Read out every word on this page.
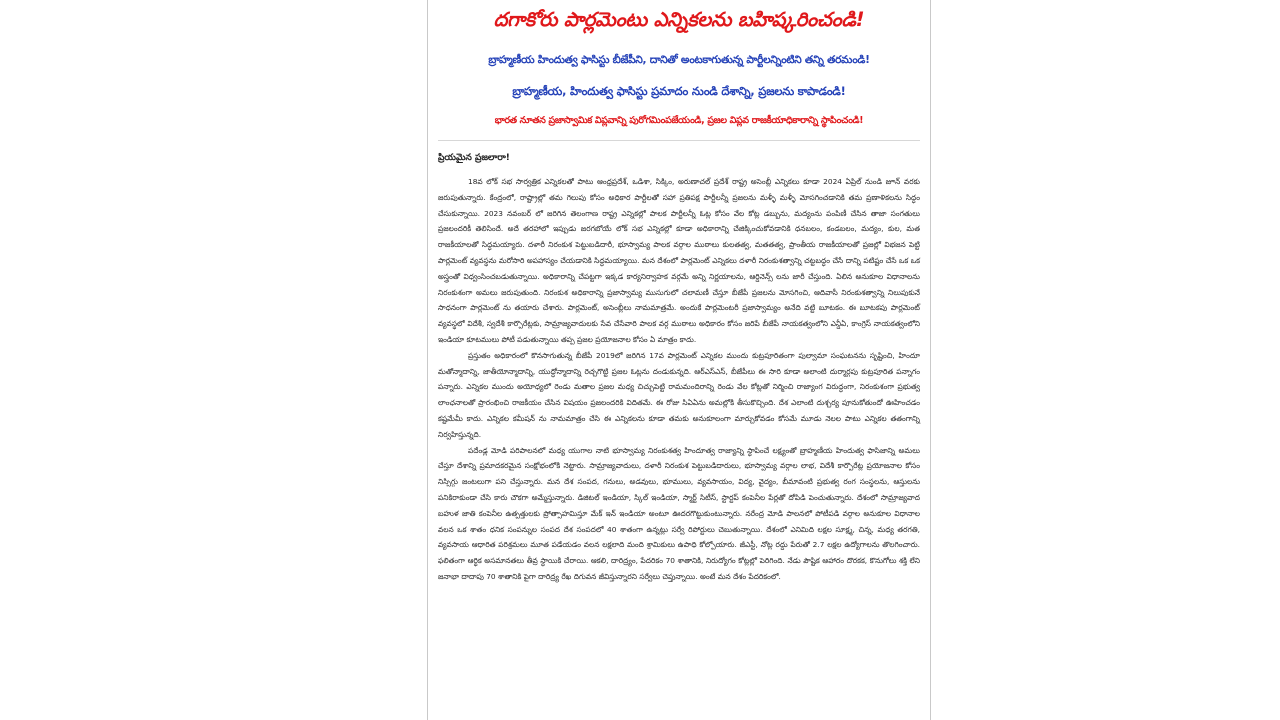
దగాకోరు పార్లమెంటు ఎన్నికలను బహిష్కరించండి!
బ్రాహ్మణీయ హిందుత్వ ఫాసిస్టు బీజేపీని, దానితో అంటకాగుతున్న పార్టీలన్నింటిని తన్ని తరమండి!
బ్రాహ్మణీయ, హిందుత్వ ఫాసిస్టు ప్రమాదం నుండి దేశాన్ని, ప్రజలను కాపాడండి!
భారత నూతన ప్రజాస్వామిక విప్లవాన్ని పురోగమింపజేయండి, ప్రజల విప్లవ రాజకీయాధికారాన్ని స్థాపించండి!
ప్రియమైన ప్రజలారా!

18వ లోక్ సభ సార్వత్రిక ఎన్నికలతో పాటు ఆంధ్రప్రదేశ్, ఒడిశా, సిక్కిం, అరుణాచల్ ప్రదేశ్ రాష్ట్ర అసెంబ్లీ ఎన్నికలు కూడా 2024 ఏప్రిల్ నుండి జూన్ వరకు జరుపుతున్నారు. కేంద్రంలో, రాష్ట్రాల్లో తమ గెలుపు కోసం అధికార పార్టీలతో సహా ప్రతిపక్ష పార్టీలన్నీ ప్రజలను మళ్ళీ మళ్ళీ మోసగించడానికి తమ ప్రణాళికలను సిద్ధం చేసుకున్నాయి. 2023 నవంబర్ లో జరిగిన తెలంగాణ రాష్ట్ర ఎన్నికల్లో పాలక పార్టీలన్నీ ఓట్ల కోసం వేల కోట్ల డబ్బును, మద్యంను పంపిణీ చేసిన తాజా సంగతులు ప్రజలందరికీ తెలిసిందే. అదే తరహాలో ఇప్పుడు జరగబోయే లోక్ సభ ఎన్నికల్లో కూడా అధికారాన్ని చేజిక్కించుకోవడానికి ధనబలం, కండబలం, మద్యం, కుల, మత రాజకీయాలతో సిద్ధమయ్యారు. దళారీ నిరంకుశ పెట్టుబడిదారీ, భూస్వామ్య పాలక వర్గాల ముఠాలు కులతత్వ, మతతత్వ, ప్రాంతీయ రాజకీయాలతో ప్రజల్లో విభజన పెట్టి పార్లమెంట్ వ్యవస్థను మరోసారి అపహాస్యం చేయడానికి సిద్ధమయ్యాయి. మన దేశంలో పార్లమెంట్ ఎన్నికలు దళారీ నిరంకుశత్వాన్ని చట్టబద్ధం చేసే దాన్ని పటిష్టం చేసే ఒక ఒక అస్త్రంతో విధ్వంసించబడుతున్నాయి. అధికారాన్ని చేపట్టగా ఇక్కడ కార్యనిర్వాహక వర్గమే అన్ని నిర్ణయాలను, ఆర్డినెన్స్ లను జారీ చేస్తుంది. ఏలిన అనుకూల విధానాలను నిరంకుశంగా అమలు జరుపుతుంది. నిరంకుశ అధికారాన్ని ప్రజాస్వామ్య ముసుగులో చలామణీ చేస్తూ బీజేపీ ప్రజలను మోసగించి, ఆదివాసీ నిరంకుశత్వాన్ని నిలుపుకునే సాధనంగా పార్లమెంట్ ను తయారు చేశారు. పార్లమెంట్, అసెంబ్లీలు నామమాత్రమే. అందుకే పార్లమెంటరీ ప్రజాస్వామ్యం అనేది వట్టి బూటకం. ఈ బూటకపు పార్లమెంట్ వ్యవస్థలో విదేశీ, స్వదేశీ కార్పొరేట్లకు, సామ్రాజ్యవాదులకు సేవ చేసేవారి పాలక వర్గ ముఠాలు అధికారం కోసం జరిపే బీజేపీ నాయకత్వంలోని ఎన్డీఏ, కాంగ్రెస్ నాయకత్వంలోని ఇండియా కూటములు పోటీ పడుతున్నాయి తప్ప ప్రజల ప్రయోజనాల కోసం ఏ మాత్రం కాదు.

ప్రస్తుతం అధికారంలో కొనసాగుతున్న బీజేపీ 2019లో జరిగిన 17వ పార్లమెంట్ ఎన్నికల ముందు కుట్రపూరితంగా పుల్వామా సంఘటనను సృష్టించి, హిందూ మతోన్మాదాన్ని, జాతీయోన్మాదాన్ని, యుద్ధోన్మాదాన్ని రెచ్చగొట్టి ప్రజల ఓట్లను దండుకున్నది. ఆర్ఎస్ఎస్, బీజేపీలు ఈ సారి కూడా అలాంటి దుర్మార్గపు కుట్రపూరిత పన్నాగం పన్నారు. ఎన్నికల ముందు అయోధ్యలో రెండు మతాల ప్రజల మధ్య చిచ్చుపెట్టి రామమందిరాన్ని రెండు వేల కోట్లతో నిర్మించి రాజ్యాంగ విరుద్ధంగా, నిరంకుశంగా ప్రభుత్వ లాంఛనాలతో ప్రారంభించి రాజకీయం చేసిన విషయం ప్రజలందరికి విదితమే. ఈ రోజు సిఏఏను అమల్లోకి తీసుకొచ్చింది. దేశ ఎలాంటి దుశ్చర్య పూనుకోతుందో ఊహించడం కష్టమేమీ కాదు. ఎన్నికల కమీషన్ ను నామమాత్రం చేసి ఈ ఎన్నికలను కూడా తమకు అనుకూలంగా మార్చుకోవడం కోసమే మూడు నెలల పాటు ఎన్నికల తతంగాన్ని నిర్వహిస్తున్నది.

పదేండ్ల మోడి పరిపాలనలో మధ్య యుగాల నాటి భూస్వామ్య నిరంకుశత్వ హిందూత్వ రాజ్యాన్ని స్థాపించే లక్ష్యంతో బ్రాహ్మణీయ హిందుత్వ ఫాసిజాన్ని అమలు చేస్తూ దేశాన్ని ప్రమాదకరమైన సంక్షోభంలోకి నెట్టారు. సామ్రాజ్యవాదులు, దళారీ నిరంకుశ పెట్టుబడిదారులు, భూస్వామ్య వర్గాల లాభ, విదేశీ కార్పొరేట్ల ప్రయోజనాల కోసం నిస్సిగ్గు జంటలుగా పని చేస్తున్నారు. మన దేశ సంపద, గనులు, అడవులు, భూములు, వ్యవసాయం, విద్య, వైద్యం, బీమావంటి ప్రభుత్వ రంగ సంస్థలను, ఆస్తులను పనికిరాకుండా చేసి కారు చౌకగా అమ్మేస్తున్నారు. డిజిటల్ ఇండియా, స్కిల్ ఇండియా, స్మార్ట్ సిటీస్, స్టార్టప్ కంపెనీల పేర్లతో దోపిడి పెంచుతున్నారు. దేశంలో సామ్రాజ్యవాద బహుళ జాతి కంపెనీల ఉత్పత్తులకు ప్రోత్సాహమిస్తూ మేక్ ఇన్ ఇండియా అంటూ ఊదరగొట్టుకుంటున్నారు. నరేంద్ర మోడి పాలనలో పోటీపడి వర్గాల అనుకూల విధానాల వలన ఒక శాతం ధనిక సంపన్నుల సంపద దేశ సంపదలో 40 శాతంగా ఉన్నట్లు సర్వే రిపోర్టులు చెబుతున్నాయి. దేశంలో ఎనిమిది లక్షల సూక్ష్మ, చిన్న, మధ్య తరగతి, వ్యవసాయ ఆధారిత పరిశ్రమలు మూత పడేయడం వలన లక్షలాది మంది శ్రామికులు ఉపాధి కోల్పోయారు. జీఎస్టీ, నోట్ల రద్దు పేరుతో 2.7 లక్షల ఉద్యోగాలను తొలగించారు. ఫలితంగా ఆర్థిక అసమానతలు తీవ్ర స్థాయికి చేరాయి. ఆకలి, దారిద్ర్యం, పేదరికం 70 శాతానికి, నిరుద్యోగం కోట్లల్లో పెరిగింది. నేడు పౌష్టిక ఆహారం దొరకక, కొనుగోలు శక్తి లేని జనాభా దాదాపు 70 శాతానికి పైగా దారిద్ర్య రేఖ దిగువన జీవిస్తున్నారని సర్వేలు చెప్తున్నాయి. అంటే మన దేశం పేదరికంలో.
